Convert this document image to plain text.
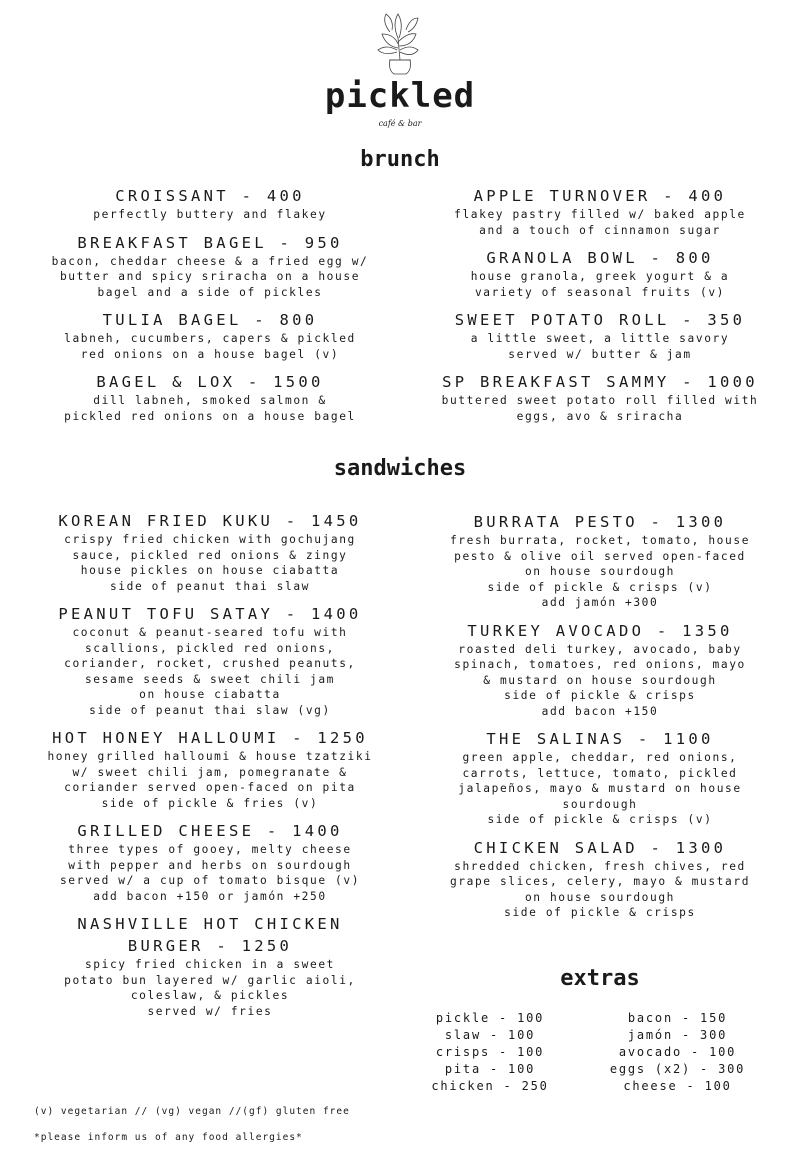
pickled
café & bar
brunch
CROISSANT - 400
perfectly buttery and flakey
BREAKFAST BAGEL - 950
bacon, cheddar cheese & a fried egg w/
butter and spicy sriracha on a house
bagel and a side of pickles
TULIA BAGEL - 800
labneh, cucumbers, capers & pickled
red onions on a house bagel (v)
BAGEL & LOX - 1500
dill labneh, smoked salmon &
pickled red onions on a house bagel
APPLE TURNOVER - 400
flakey pastry filled w/ baked apple
and a touch of cinnamon sugar
GRANOLA BOWL - 800
house granola, greek yogurt & a
variety of seasonal fruits (v)
SWEET POTATO ROLL - 350
a little sweet, a little savory
served w/ butter & jam
SP BREAKFAST SAMMY - 1000
buttered sweet potato roll filled with
eggs, avo & sriracha
sandwiches
KOREAN FRIED KUKU - 1450
crispy fried chicken with gochujang
sauce, pickled red onions & zingy
house pickles on house ciabatta
side of peanut thai slaw
PEANUT TOFU SATAY - 1400
coconut & peanut-seared tofu with
scallions, pickled red onions,
coriander, rocket, crushed peanuts,
sesame seeds & sweet chili jam
on house ciabatta
side of peanut thai slaw (vg)
HOT HONEY HALLOUMI - 1250
honey grilled halloumi & house tzatziki
w/ sweet chili jam, pomegranate &
coriander served open-faced on pita
side of pickle & fries (v)
GRILLED CHEESE - 1400
three types of gooey, melty cheese
with pepper and herbs on sourdough
served w/ a cup of tomato bisque (v)
add bacon +150 or jamón +250
NASHVILLE HOT CHICKEN
BURGER - 1250
spicy fried chicken in a sweet
potato bun layered w/ garlic aioli,
coleslaw, & pickles
served w/ fries
BURRATA PESTO - 1300
fresh burrata, rocket, tomato, house
pesto & olive oil served open-faced
on house sourdough
side of pickle & crisps (v)
add jamón +300
TURKEY AVOCADO - 1350
roasted deli turkey, avocado, baby
spinach, tomatoes, red onions, mayo
& mustard on house sourdough
side of pickle & crisps
add bacon +150
THE SALINAS - 1100
green apple, cheddar, red onions,
carrots, lettuce, tomato, pickled
jalapeños, mayo & mustard on house
sourdough
side of pickle & crisps (v)
CHICKEN SALAD - 1300
shredded chicken, fresh chives, red
grape slices, celery, mayo & mustard
on house sourdough
side of pickle & crisps
extras
pickle - 100
slaw - 100
crisps - 100
pita - 100
chicken - 250
bacon - 150
jamón - 300
avocado - 100
eggs (x2) - 300
cheese - 100

(v) vegetarian // (vg) vegan //(gf) gluten free

*please inform us of any food allergies*
